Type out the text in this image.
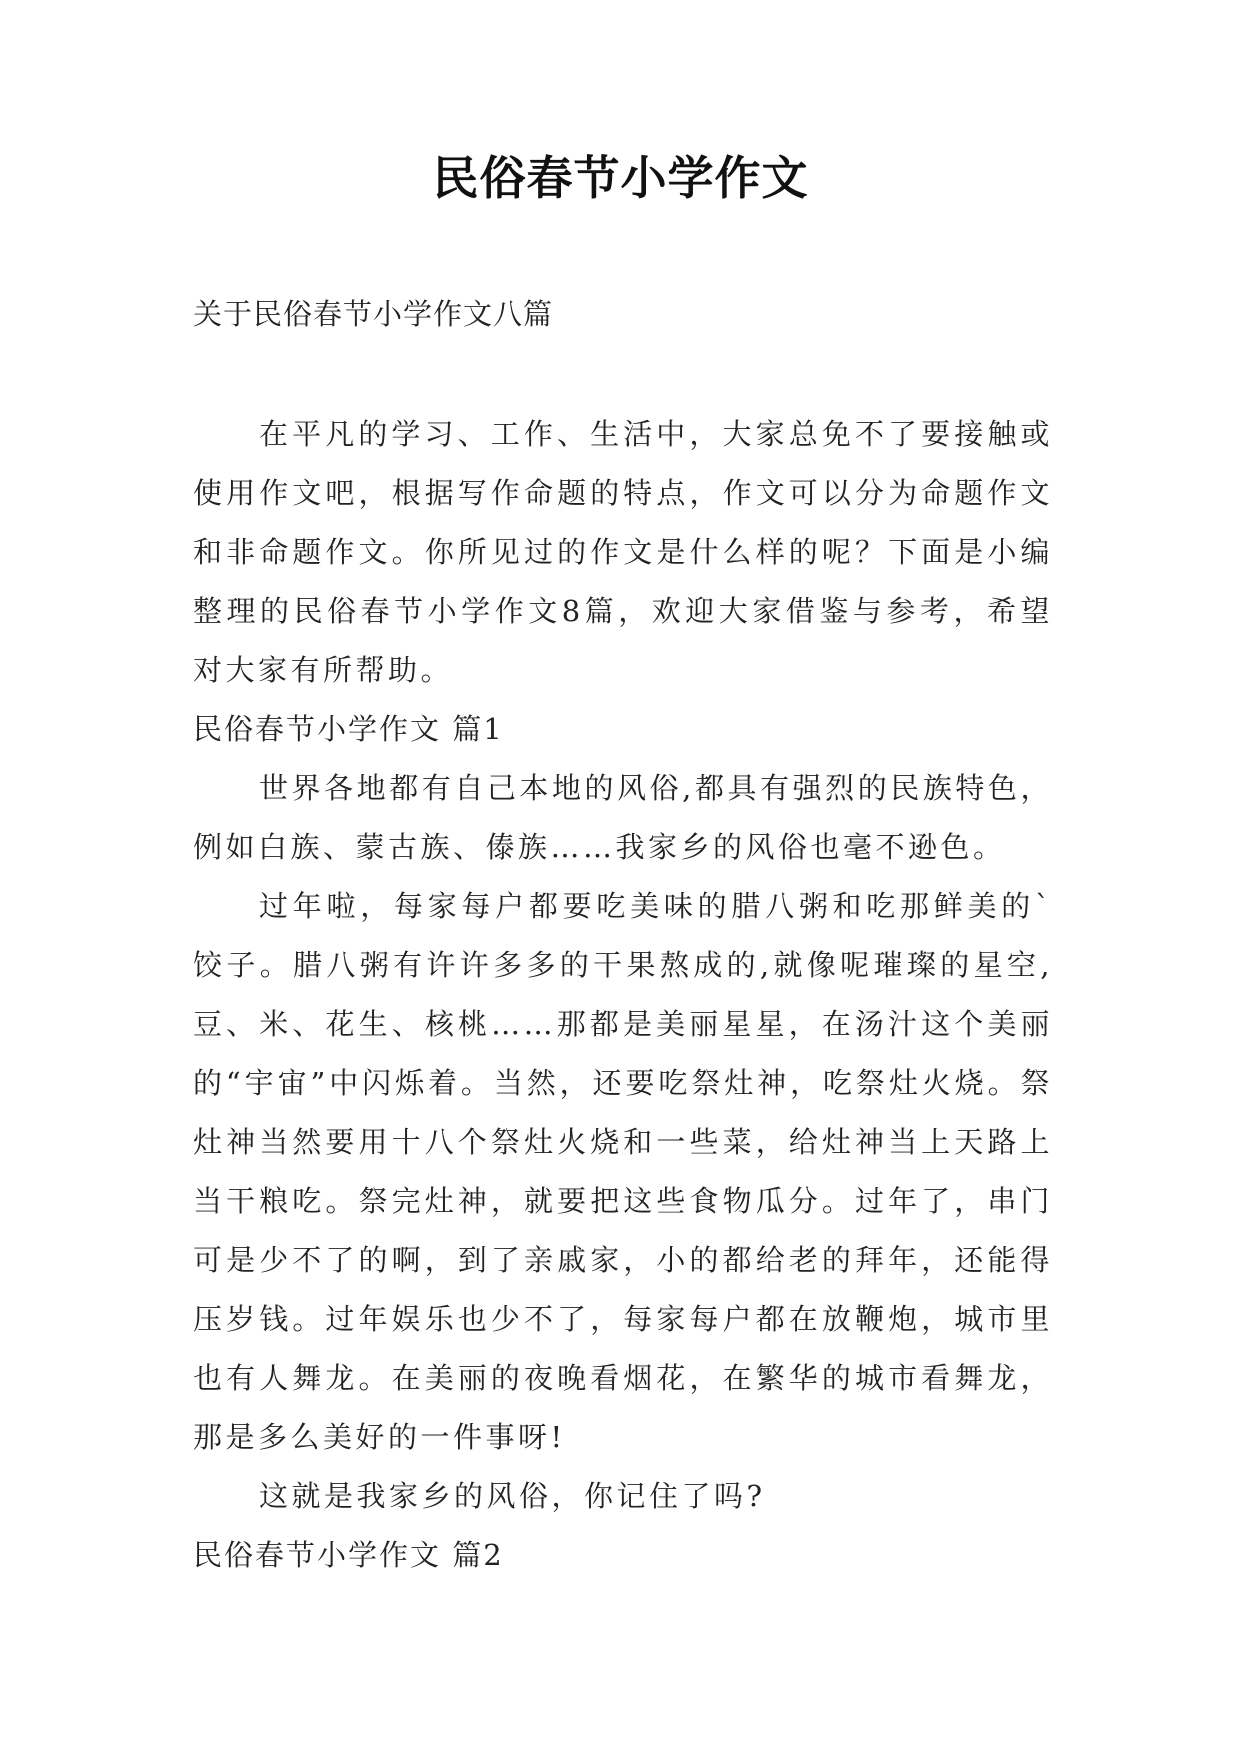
民俗春节小学作文
关于民俗春节小学作文八篇

在平凡的学习、工作、生活中，大家总免不了要接触或使用作文吧，根据写作命题的特点，作文可以分为命题作文和非命题作文。你所见过的作文是什么样的呢？下面是小编整理的民俗春节小学作文8篇，欢迎大家借鉴与参考，希望对大家有所帮助。

民俗春节小学作文 篇1

世界各地都有自己本地的风俗,都具有强烈的民族特色，例如白族、蒙古族、傣族……我家乡的风俗也毫不逊色。

过年啦，每家每户都要吃美味的腊八粥和吃那鲜美的`饺子。腊八粥有许许多多的干果熬成的,就像呢璀璨的星空,豆、米、花生、核桃……那都是美丽星星，在汤汁这个美丽的“宇宙”中闪烁着。当然，还要吃祭灶神，吃祭灶火烧。祭灶神当然要用十八个祭灶火烧和一些菜，给灶神当上天路上当干粮吃。祭完灶神，就要把这些食物瓜分。过年了，串门可是少不了的啊，到了亲戚家，小的都给老的拜年，还能得压岁钱。过年娱乐也少不了，每家每户都在放鞭炮，城市里也有人舞龙。在美丽的夜晚看烟花，在繁华的城市看舞龙，那是多么美好的一件事呀!

这就是我家乡的风俗，你记住了吗?

民俗春节小学作文 篇2
